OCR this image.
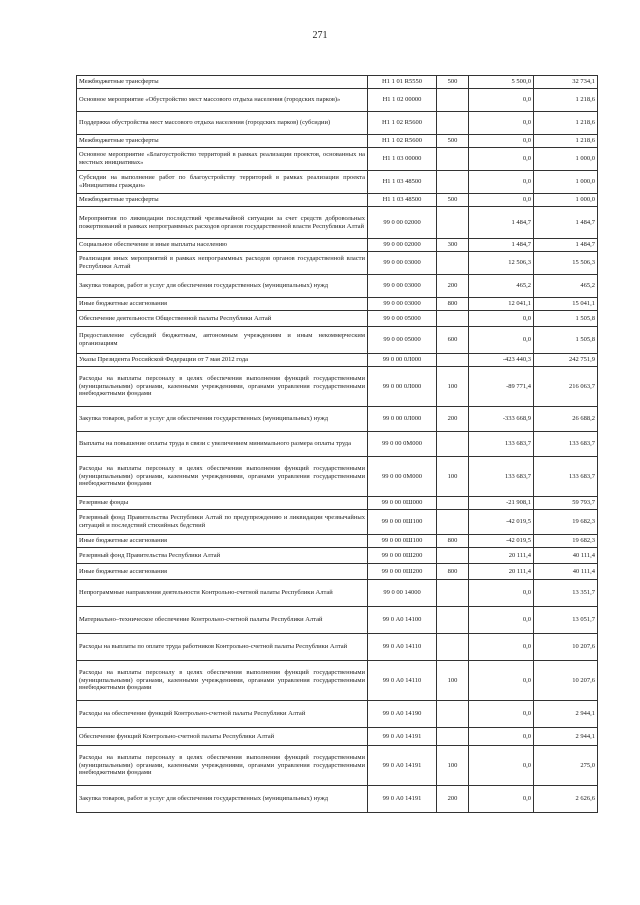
271
Межбюджетные трансферты	Н1 1 01 R5550	500	5 500,0	32 734,1
Основное мероприятие «Обустройство мест массового отдыха населения (городских парков)»	Н1 1 02 00000		0,0	1 218,6
Поддержка обустройства мест массового отдыха населения (городских парков) (субсидии)	Н1 1 02 R5600		0,0	1 218,6
Межбюджетные трансферты	Н1 1 02 R5600	500	0,0	1 218,6
Основное мероприятие «Благоустройство территорий в рамках реализации проектов, основанных на местных инициативах»	Н1 1 03 00000		0,0	1 000,0
Субсидии на выполнение работ по благоустройству территорий в рамках реализации проекта «Инициативы граждан»	Н1 1 03 48500		0,0	1 000,0
Межбюджетные трансферты	Н1 1 03 48500	500	0,0	1 000,0
Мероприятия по ликвидации последствий чрезвычайной ситуации за счет средств добровольных пожертвований в рамках непрограммных расходов органов государственной власти Республики Алтай	99 0 00 02000		1 484,7	1 484,7
Социальное обеспечение и иные выплаты населению	99 0 00 02000	300	1 484,7	1 484,7
Реализация иных мероприятий в рамках непрограммных расходов органов государственной власти Республики Алтай	99 0 00 03000		12 506,3	15 506,3
Закупка товаров, работ и услуг для обеспечения государственных (муниципальных) нужд	99 0 00 03000	200	465,2	465,2
Иные бюджетные ассигнования	99 0 00 03000	800	12 041,1	15 041,1
Обеспечение деятельности Общественной палаты Республики Алтай	99 0 00 05000		0,0	1 505,8
Предоставление субсидий бюджетным, автономным учреждениям и иным некоммерческим организациям	99 0 00 05000	600	0,0	1 505,8
Указы Президента Российской Федерации от 7 мая 2012 года	99 0 00 0Л000		-423 440,3	242 751,9
Расходы на выплаты персоналу в целях обеспечения выполнения функций государственными (муниципальными) органами, казенными учреждениями, органами управления государственными внебюджетными фондами	99 0 00 0Л000	100	-89 771,4	216 063,7
Закупка товаров, работ и услуг для обеспечения государственных (муниципальных) нужд	99 0 00 0Л000	200	-333 668,9	26 688,2
Выплаты на повышение оплаты труда в связи с увеличением минимального размера оплаты труда	99 0 00 0М000		133 683,7	133 683,7
Расходы на выплаты персоналу в целях обеспечения выполнения функций государственными (муниципальными) органами, казенными учреждениями, органами управления государственными внебюджетными фондами	99 0 00 0М000	100	133 683,7	133 683,7
Резервные фонды	99 0 00 0Ш000		-21 908,1	59 793,7
Резервный фонд Правительства Республики Алтай по предупреждению и ликвидации чрезвычайных ситуаций и последствий стихийных бедствий	99 0 00 0Ш100		-42 019,5	19 682,3
Иные бюджетные ассигнования	99 0 00 0Ш100	800	-42 019,5	19 682,3
Резервный фонд Правительства Республики Алтай	99 0 00 0Ш200		20 111,4	40 111,4
Иные бюджетные ассигнования	99 0 00 0Ш200	800	20 111,4	40 111,4
Непрограммные направления деятельности Контрольно-счетной палаты Республики Алтай	99 0 00 14000		0,0	13 351,7
Материально–техническое обеспечение Контрольно-счетной палаты Республики Алтай	99 0 А0 14100		0,0	13 051,7
Расходы на выплаты по оплате труда работников Контрольно-счетной палаты Республики Алтай	99 0 А0 14110		0,0	10 207,6
Расходы на выплаты персоналу в целях обеспечения выполнения функций государственными (муниципальными) органами, казенными учреждениями, органами управления государственными внебюджетными фондами	99 0 А0 14110	100	0,0	10 207,6
Расходы на обеспечение функций Контрольно-счетной палаты Республики Алтай	99 0 А0 14190		0,0	2 944,1
Обеспечение функций Контрольно-счетной палаты Республики Алтай	99 0 А0 14191		0,0	2 944,1
Расходы на выплаты персоналу в целях обеспечения выполнения функций государственными (муниципальными) органами, казенными учреждениями, органами управления государственными внебюджетными фондами	99 0 А0 14191	100	0,0	275,0
Закупка товаров, работ и услуг для обеспечения государственных (муниципальных) нужд	99 0 А0 14191	200	0,0	2 626,6
